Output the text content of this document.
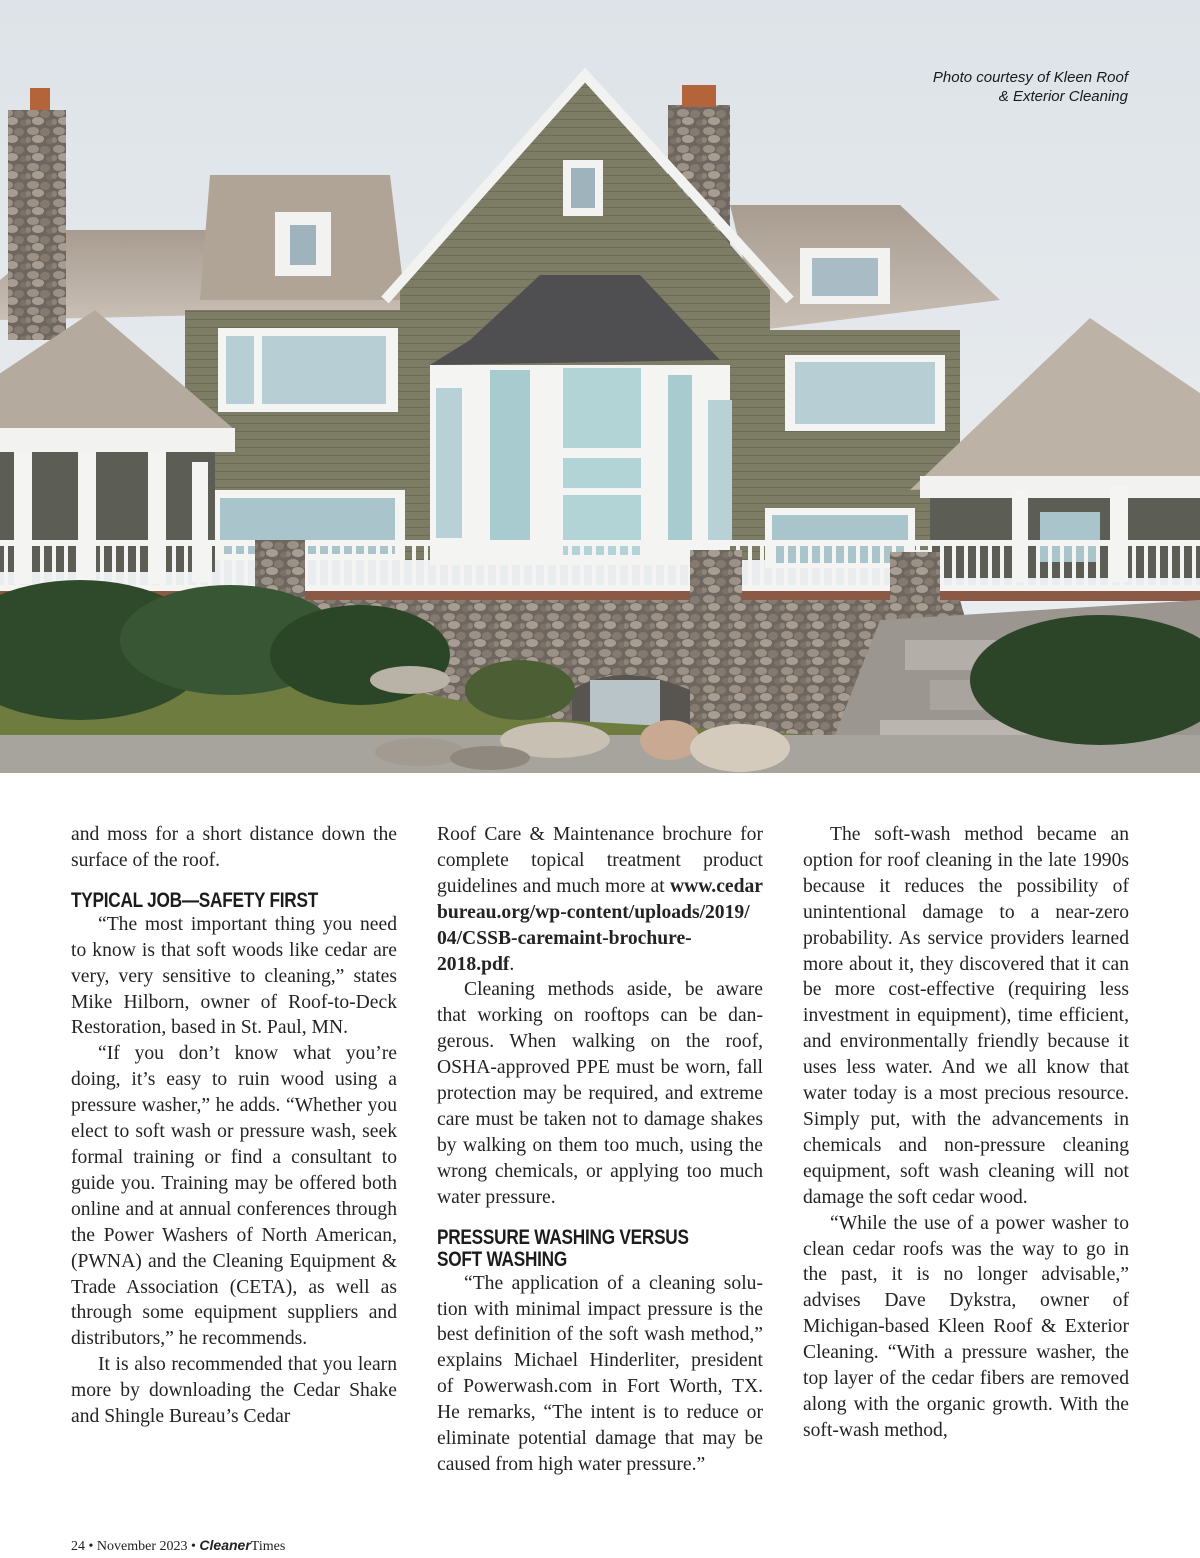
Photo courtesy of Kleen Roof
& Exterior Cleaning

and moss for a short distance down the surface of the roof.

TYPICAL JOB—SAFETY FIRST

“The most important thing you need to know is that soft woods like cedar are very, very sensitive to cleaning,” states Mike Hilborn, owner of Roof-to-Deck Restoration, based in St. Paul, MN.

“If you don’t know what you’re doing, it’s easy to ruin wood using a pressure washer,” he adds. “Whether you elect to soft wash or pressure wash, seek formal training or find a consultant to guide you. Training may be offered both online and at annual conferences through the Power Washers of North American, (PWNA) and the Cleaning Equipment & Trade Association (CETA), as well as through some equipment suppliers and distributors,” he recommends.

It is also recommended that you learn more by downloading the Cedar Shake and Shingle Bureau’s Cedar

Roof Care & Maintenance brochure for complete topical treatment product guidelines and much more at www.cedar bureau.org/wp-content/uploads/2019/ 04/CSSB-caremaint-brochure-2018.pdf.

Cleaning methods aside, be aware that working on rooftops can be dangerous. When walking on the roof, OSHA-approved PPE must be worn, fall protection may be required, and extreme care must be taken not to damage shakes by walking on them too much, using the wrong chemicals, or applying too much water pressure.

PRESSURE WASHING VERSUS
SOFT WASHING

“The application of a cleaning solution with minimal impact pressure is the best definition of the soft wash method,” explains Michael Hinderliter, president of Powerwash.com in Fort Worth, TX. He remarks, “The intent is to reduce or eliminate potential damage that may be caused from high water pressure.”

The soft-wash method became an option for roof cleaning in the late 1990s because it reduces the possibility of unintentional damage to a near-zero probability. As service providers learned more about it, they discovered that it can be more cost-effective (requiring less investment in equipment), time efficient, and environmentally friendly because it uses less water. And we all know that water today is a most precious resource. Simply put, with the advancements in chemicals and non-pressure cleaning equipment, soft wash cleaning will not damage the soft cedar wood.

“While the use of a power washer to clean cedar roofs was the way to go in the past, it is no longer advisable,” advises Dave Dykstra, owner of Michigan-based Kleen Roof & Exterior Cleaning. “With a pressure washer, the top layer of the cedar fibers are removed along with the organic growth. With the soft-wash method,

24 • November 2023 • CleanerTimes
